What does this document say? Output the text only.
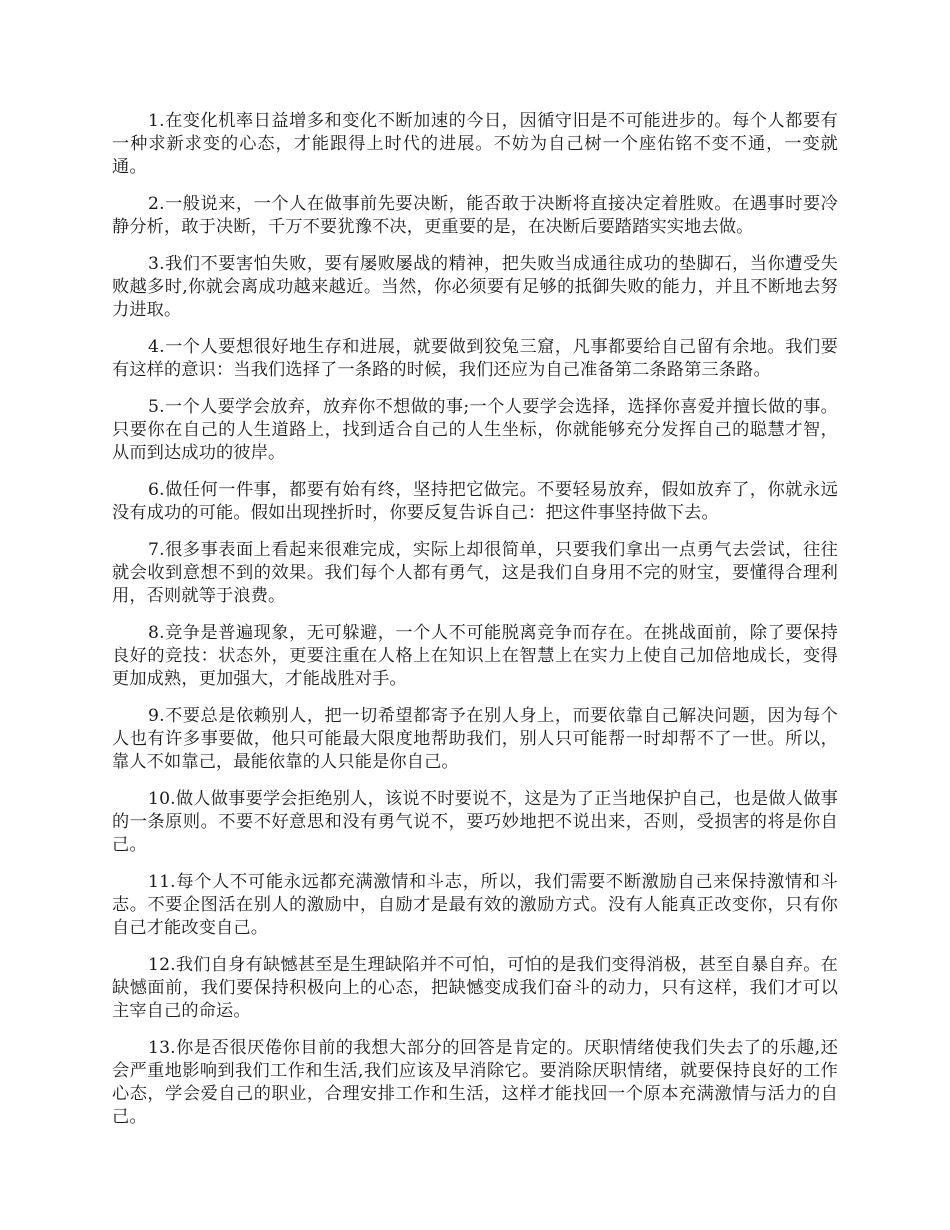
1.在变化机率日益增多和变化不断加速的今日，因循守旧是不可能进步的。每个人都要有一种求新求变的心态，才能跟得上时代的进展。不妨为自己树一个座佑铭不变不通，一变就通。

2.一般说来，一个人在做事前先要决断，能否敢于决断将直接决定着胜败。在遇事时要冷静分析，敢于决断，千万不要犹豫不决，更重要的是，在决断后要踏踏实实地去做。

3.我们不要害怕失败，要有屡败屡战的精神，把失败当成通往成功的垫脚石，当你遭受失败越多时,你就会离成功越来越近。当然，你必须要有足够的抵御失败的能力，并且不断地去努力进取。

4.一个人要想很好地生存和进展，就要做到狡兔三窟，凡事都要给自己留有余地。我们要有这样的意识：当我们选择了一条路的时候，我们还应为自己准备第二条路第三条路。

5.一个人要学会放弃，放弃你不想做的事;一个人要学会选择，选择你喜爱并擅长做的事。只要你在自己的人生道路上，找到适合自己的人生坐标，你就能够充分发挥自己的聪慧才智，从而到达成功的彼岸。

6.做任何一件事，都要有始有终，坚持把它做完。不要轻易放弃，假如放弃了，你就永远没有成功的可能。假如出现挫折时，你要反复告诉自己：把这件事坚持做下去。

7.很多事表面上看起来很难完成，实际上却很简单，只要我们拿出一点勇气去尝试，往往就会收到意想不到的效果。我们每个人都有勇气，这是我们自身用不完的财宝，要懂得合理利用，否则就等于浪费。

8.竞争是普遍现象，无可躲避，一个人不可能脱离竞争而存在。在挑战面前，除了要保持良好的竞技：状态外，更要注重在人格上在知识上在智慧上在实力上使自己加倍地成长，变得更加成熟，更加强大，才能战胜对手。

9.不要总是依赖别人，把一切希望都寄予在别人身上，而要依靠自己解决问题，因为每个人也有许多事要做，他只可能最大限度地帮助我们，别人只可能帮一时却帮不了一世。所以，靠人不如靠己，最能依靠的人只能是你自己。

10.做人做事要学会拒绝别人，该说不时要说不，这是为了正当地保护自己，也是做人做事的一条原则。不要不好意思和没有勇气说不，要巧妙地把不说出来，否则，受损害的将是你自己。

11.每个人不可能永远都充满激情和斗志，所以，我们需要不断激励自己来保持激情和斗志。不要企图活在别人的激励中，自励才是最有效的激励方式。没有人能真正改变你，只有你自己才能改变自己。

12.我们自身有缺憾甚至是生理缺陷并不可怕，可怕的是我们变得消极，甚至自暴自弃。在缺憾面前，我们要保持积极向上的心态，把缺憾变成我们奋斗的动力，只有这样，我们才可以主宰自己的命运。

13.你是否很厌倦你目前的我想大部分的回答是肯定的。厌职情绪使我们失去了的乐趣,还会严重地影响到我们工作和生活,我们应该及早消除它。要消除厌职情绪，就要保持良好的工作心态，学会爱自己的职业，合理安排工作和生活，这样才能找回一个原本充满激情与活力的自己。
